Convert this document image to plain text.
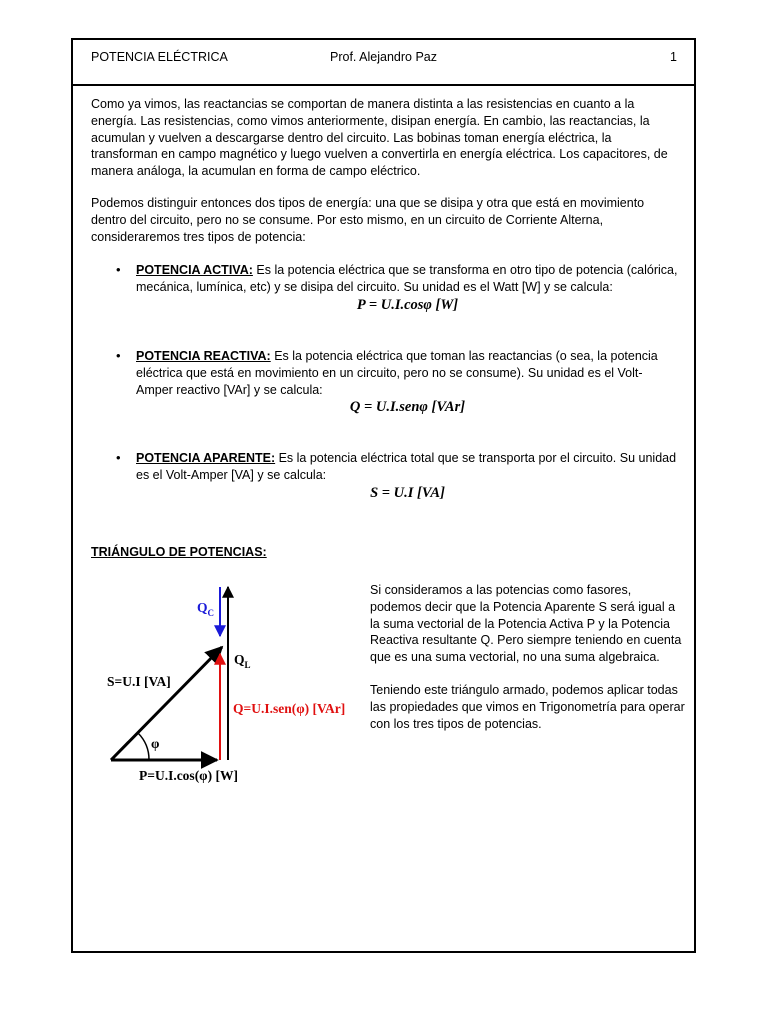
POTENCIA ELÉCTRICA	Prof. Alejandro Paz	1

Como ya vimos, las reactancias se comportan de manera distinta a las resistencias en cuanto a la energía. Las resistencias, como vimos anteriormente, disipan energía. En cambio, las reactancias, la acumulan y vuelven a descargarse dentro del circuito. Las bobinas toman energía eléctrica, la transforman en campo magnético y luego vuelven a convertirla en energía eléctrica. Los capacitores, de manera análoga, la acumulan en forma de campo eléctrico.

Podemos distinguir entonces dos tipos de energía: una que se disipa y otra que está en movimiento dentro del circuito, pero no se consume. Por esto mismo, en un circuito de Corriente Alterna, consideraremos tres tipos de potencia:

• POTENCIA ACTIVA: Es la potencia eléctrica que se transforma en otro tipo de potencia (calórica, mecánica, lumínica, etc) y se disipa del circuito. Su unidad es el Watt [W] y se calcula:
P = U.I.cosφ [W]
• POTENCIA REACTIVA: Es la potencia eléctrica que toman las reactancias (o sea, la potencia eléctrica que está en movimiento en un circuito, pero no se consume). Su unidad es el Volt-Amper reactivo [VAr] y se calcula:
Q = U.I.senφ [VAr]
• POTENCIA APARENTE: Es la potencia eléctrica total que se transporta por el circuito. Su unidad es el Volt-Amper [VA] y se calcula:
S = U.I [VA]
TRIÁNGULO DE POTENCIAS:
$Q_C$
$Q_L$
S=U.I [VA]
Q=U.I.sen(φ) [VAr]
φ
P=U.I.cos(φ) [W]

Si consideramos a las potencias como fasores, podemos decir que la Potencia Aparente S será igual a la suma vectorial de la Potencia Activa P y la Potencia Reactiva resultante Q. Pero siempre teniendo en cuenta que es una suma vectorial, no una suma algebraica.

Teniendo este triángulo armado, podemos aplicar todas las propiedades que vimos en Trigonometría para operar con los tres tipos de potencias.
